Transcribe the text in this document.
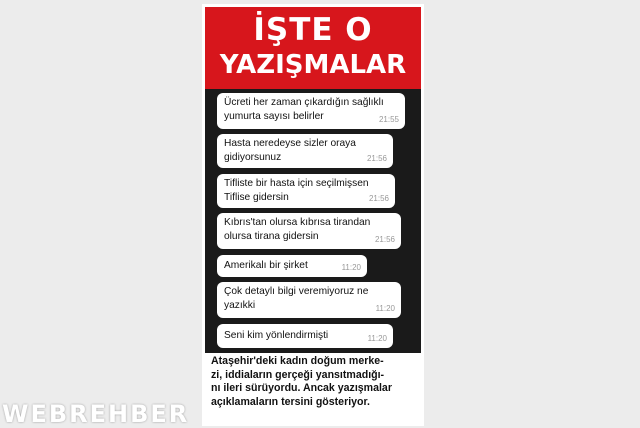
İŞTE O
YAZIŞMALAR
Ücreti her zaman çıkardığın sağlıklı
yumurta sayısı belirler	21:55
Hasta neredeyse sizler oraya
gidiyorsunuz	21:56
Tifliste bir hasta için seçilmişsen
Tiflise gidersin	21:56
Kıbrıs'tan olursa kıbrısa tirandan
olursa tirana gidersin	21:56
Amerikalı bir şirket	11:20
Çok detaylı bilgi veremiyoruz ne
yazıkki	11:20
Seni kim yönlendirmişti	11:20
Ataşehir'deki kadın doğum merke-
zi, iddiaların gerçeği yansıtmadığı-
nı ileri sürüyordu. Ancak yazışmalar
açıklamaların tersini gösteriyor.
WEBREHBER
